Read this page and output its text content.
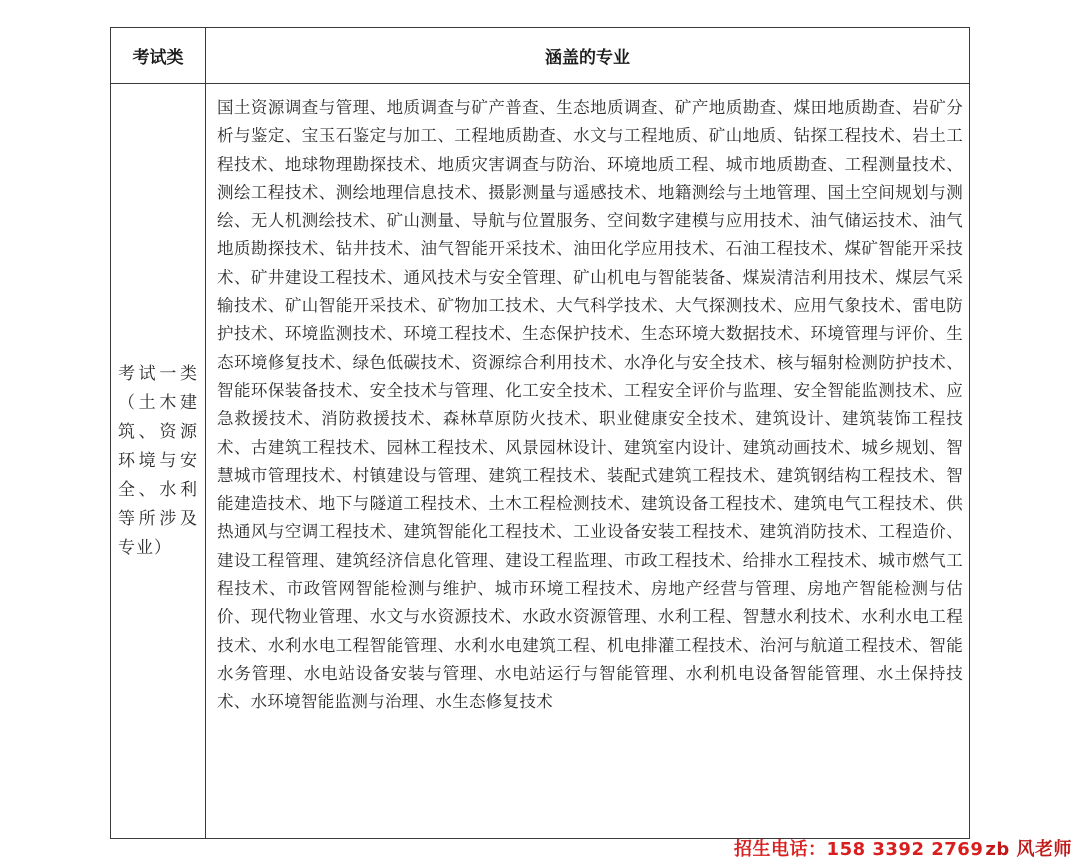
考试类	涵盖的专业
考试一类（土木建筑、资源环境与安全、水利等所涉及专业）
国土资源调查与管理、地质调查与矿产普查、生态地质调查、矿产地质勘查、煤田地质勘查、岩矿分析与鉴定、宝玉石鉴定与加工、工程地质勘查、水文与工程地质、矿山地质、钻探工程技术、岩土工程技术、地球物理勘探技术、地质灾害调查与防治、环境地质工程、城市地质勘查、工程测量技术、测绘工程技术、测绘地理信息技术、摄影测量与遥感技术、地籍测绘与土地管理、国土空间规划与测绘、无人机测绘技术、矿山测量、导航与位置服务、空间数字建模与应用技术、油气储运技术、油气地质勘探技术、钻井技术、油气智能开采技术、油田化学应用技术、石油工程技术、煤矿智能开采技术、矿井建设工程技术、通风技术与安全管理、矿山机电与智能装备、煤炭清洁利用技术、煤层气采输技术、矿山智能开采技术、矿物加工技术、大气科学技术、大气探测技术、应用气象技术、雷电防护技术、环境监测技术、环境工程技术、生态保护技术、生态环境大数据技术、环境管理与评价、生态环境修复技术、绿色低碳技术、资源综合利用技术、水净化与安全技术、核与辐射检测防护技术、智能环保装备技术、安全技术与管理、化工安全技术、工程安全评价与监理、安全智能监测技术、应急救援技术、消防救援技术、森林草原防火技术、职业健康安全技术、建筑设计、建筑装饰工程技术、古建筑工程技术、园林工程技术、风景园林设计、建筑室内设计、建筑动画技术、城乡规划、智慧城市管理技术、村镇建设与管理、建筑工程技术、装配式建筑工程技术、建筑钢结构工程技术、智能建造技术、地下与隧道工程技术、土木工程检测技术、建筑设备工程技术、建筑电气工程技术、供热通风与空调工程技术、建筑智能化工程技术、工业设备安装工程技术、建筑消防技术、工程造价、建设工程管理、建筑经济信息化管理、建设工程监理、市政工程技术、给排水工程技术、城市燃气工程技术、市政管网智能检测与维护、城市环境工程技术、房地产经营与管理、房地产智能检测与估价、现代物业管理、水文与水资源技术、水政水资源管理、水利工程、智慧水利技术、水利水电工程技术、水利水电工程智能管理、水利水电建筑工程、机电排灌工程技术、治河与航道工程技术、智能水务管理、水电站设备安装与管理、水电站运行与智能管理、水利机电设备智能管理、水土保持技术、水环境智能监测与治理、水生态修复技术
招生电话：158 3392 2769 zb 风老师
